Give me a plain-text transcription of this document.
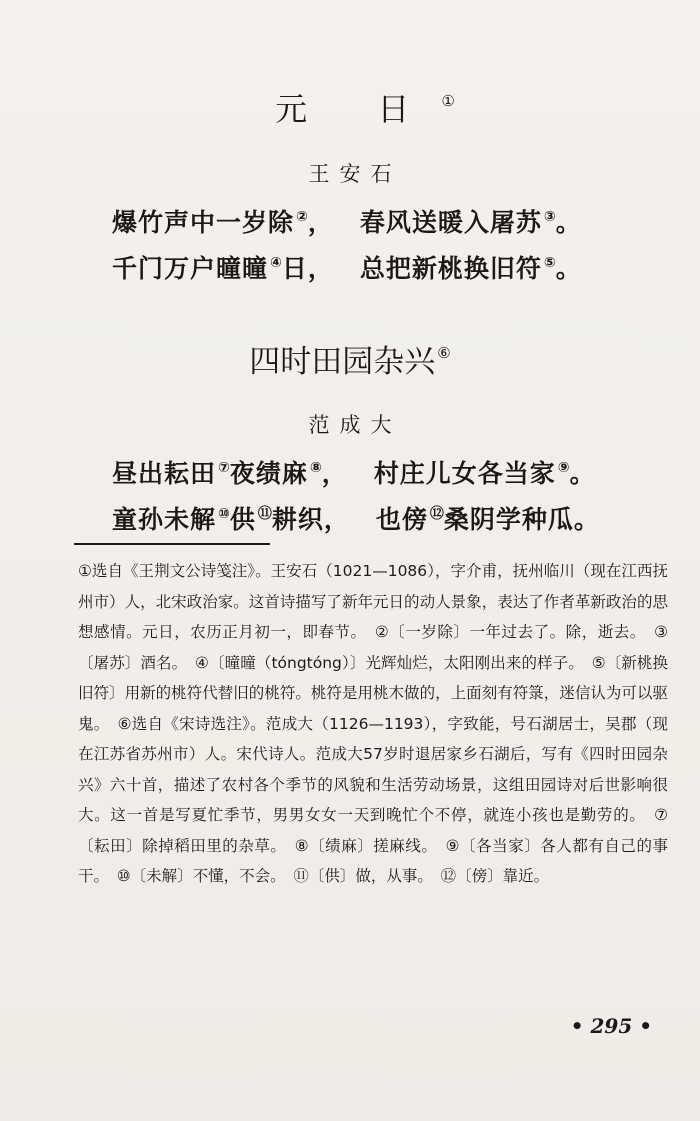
元 日 ①
王安石
爆竹声中一岁除 ②， 春风送暖入屠苏 ③。
千门万户曈曈 ④日， 总把新桃换旧符 ⑤。
四时田园杂兴 ⑥
范成大
昼出耘田 ⑦夜绩麻 ⑧， 村庄儿女各当家 ⑨。
童孙未解 ⑩供 ⑪耕织， 也傍 ⑫桑阴学种瓜。

①选自《王荆文公诗笺注》。王安石（1021—1086），字介甫，抚州临川（现在江西抚州市）人，北宋政治家。这首诗描写了新年元日的动人景象，表达了作者革新政治的思想感情。元日，农历正月初一，即春节。　②〔一岁除〕一年过去了。除，逝去。　③〔屠苏〕酒名。　④〔曈曈（tóngtóng）〕光辉灿烂，太阳刚出来的样子。　⑤〔新桃换旧符〕用新的桃符代替旧的桃符。桃符是用桃木做的，上面刻有符箓，迷信认为可以驱鬼。　⑥选自《宋诗选注》。范成大（1126—1193），字致能，号石湖居士，吴郡（现在江苏省苏州市）人。宋代诗人。范成大57岁时退居家乡石湖后，写有《四时田园杂兴》六十首，描述了农村各个季节的风貌和生活劳动场景，这组田园诗对后世影响很大。这一首是写夏忙季节，男男女女一天到晚忙个不停，就连小孩也是勤劳的。　⑦〔耘田〕除掉稻田里的杂草。　⑧〔绩麻〕搓麻线。　⑨〔各当家〕各人都有自己的事干。　⑩〔未解〕不懂，不会。　⑪〔供〕做，从事。　⑫〔傍〕靠近。

• 295 •
